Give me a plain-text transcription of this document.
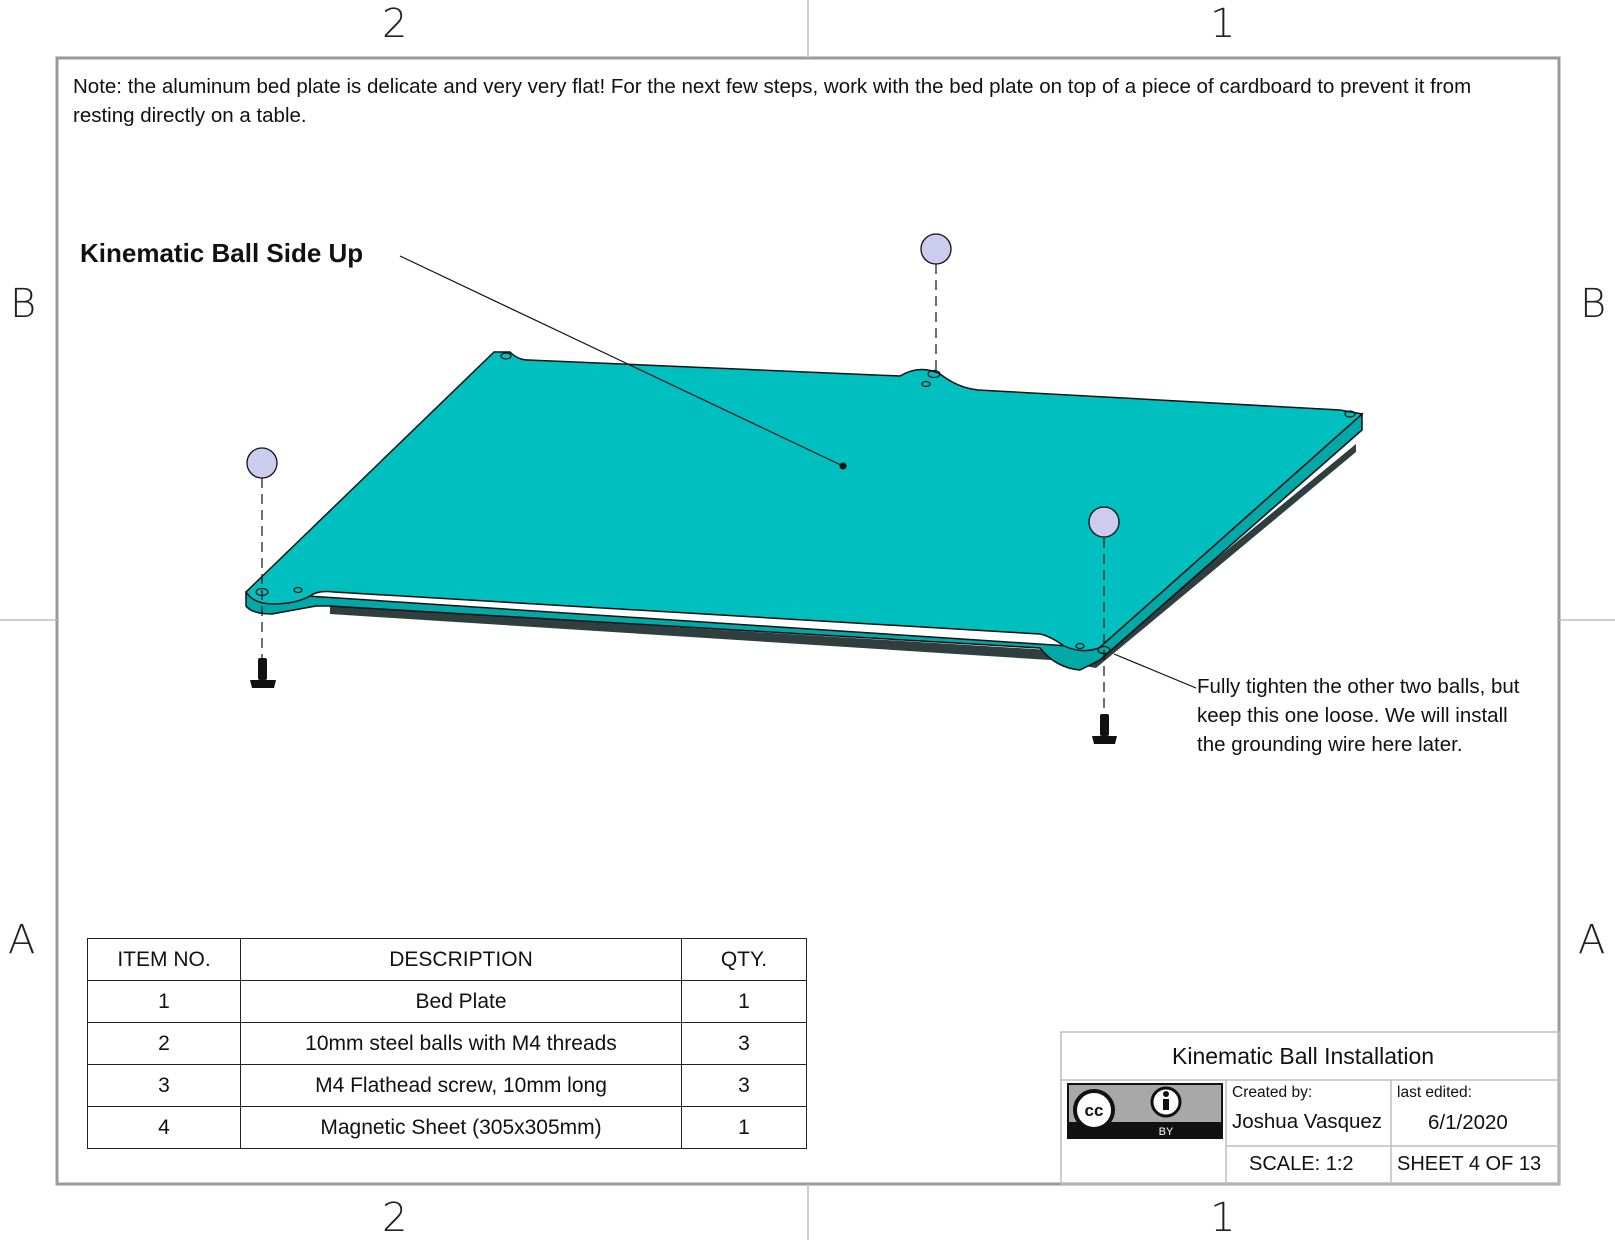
2	1
2	1
B	B
A	A
Note: the aluminum bed plate is delicate and very very flat! For the next few steps, work with the bed plate on top of a piece of cardboard to prevent it from resting directly on a table.
Kinematic Ball Side Up
Fully tighten the other two balls, but keep this one loose. We will install the grounding wire here later.
ITEM NO.	DESCRIPTION	QTY.
1	Bed Plate	1
2	10mm steel balls with M4 threads	3
3	M4 Flathead screw, 10mm long	3
4	Magnetic Sheet (305x305mm)	1
cc
BY
Kinematic Ball Installation
Created by:
Joshua Vasquez
last edited:
6/1/2020
SCALE: 1:2 SHEET 4 OF 13
